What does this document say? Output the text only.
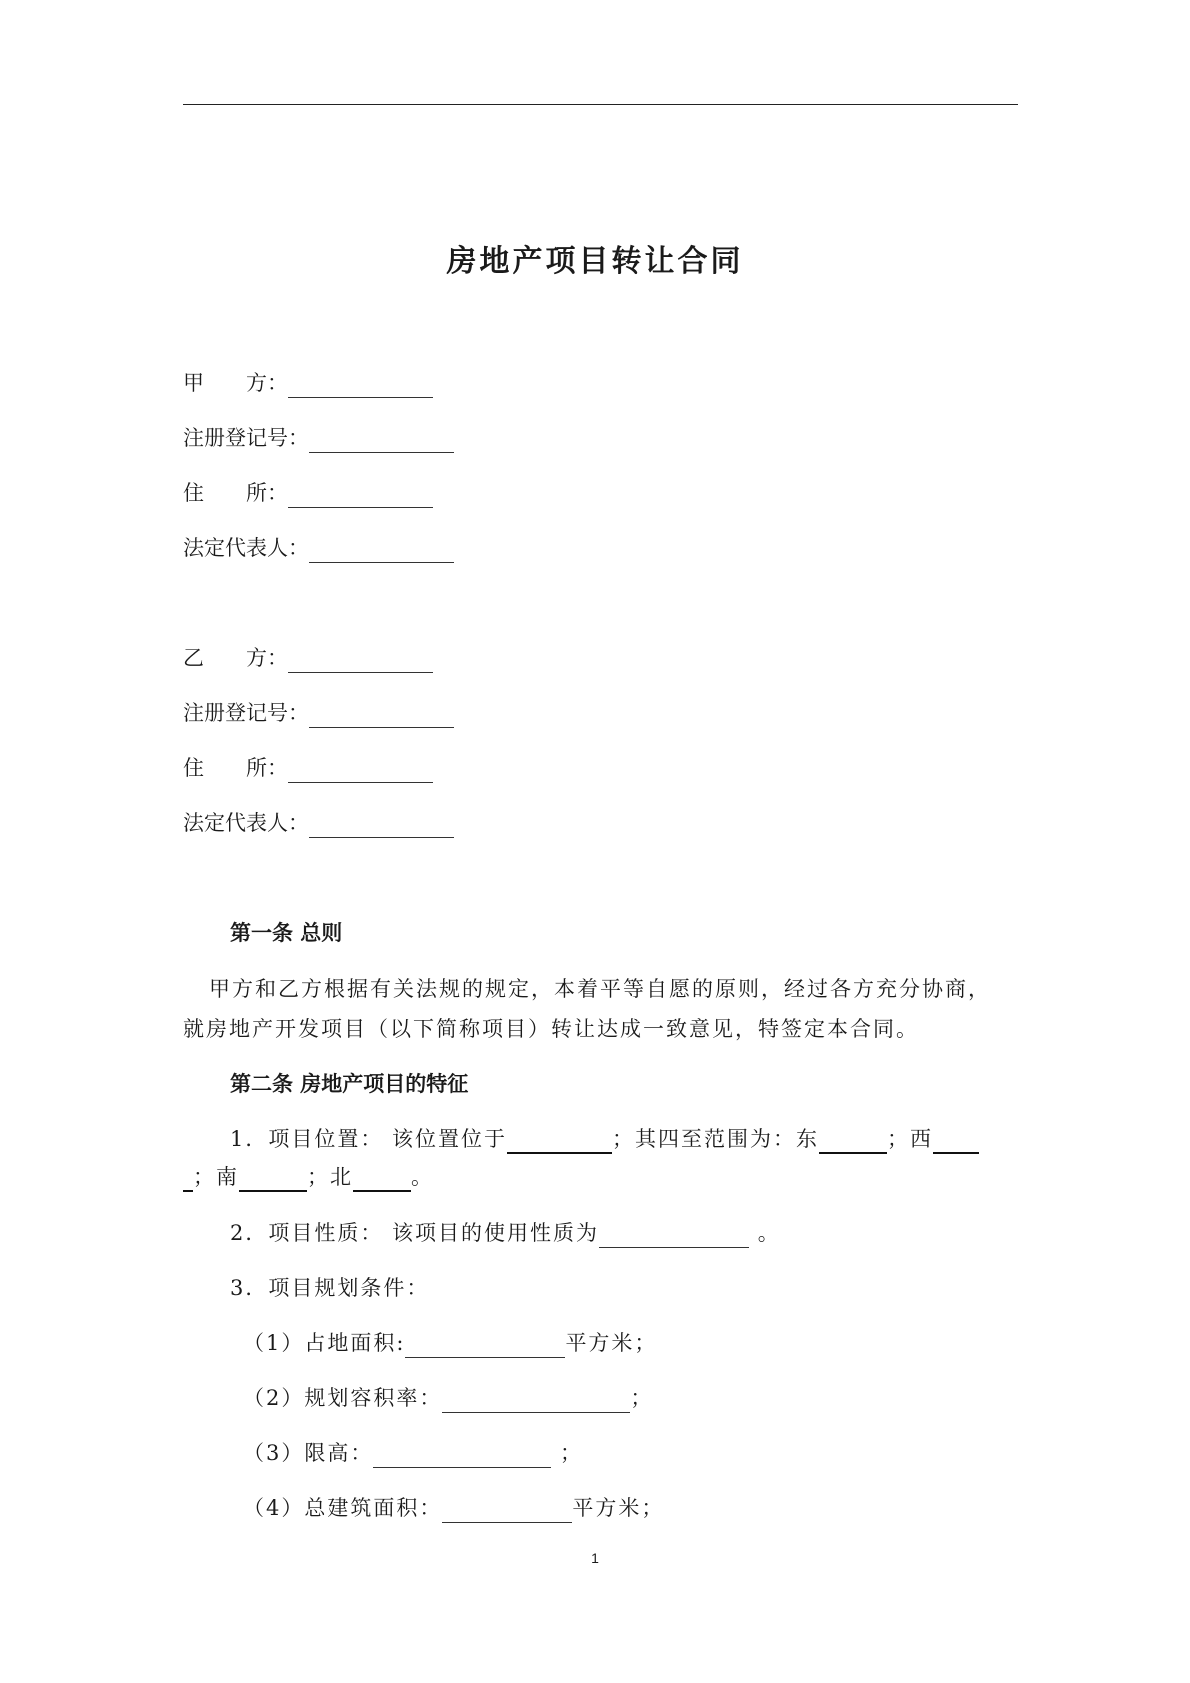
房地产项目转让合同
甲　　方：
注册登记号：
住　　所：
法定代表人：
乙　　方：
注册登记号：
住　　所：
法定代表人：
第一条 总则
甲方和乙方根据有关法规的规定，本着平等自愿的原则，经过各方充分协商，
就房地产开发项目（以下简称项目）转让达成一致意见，特签定本合同。
第二条 房地产项目的特征
1．项目位置： 该位置位于	；其四至范围为：东	；西
；南	；北	。
2．项目性质： 该项目的使用性质为	。
3．项目规划条件：
（1）占地面积:	平方米；
（2）规划容积率：	；
（3）限高：	；
（4）总建筑面积：	平方米；
1
